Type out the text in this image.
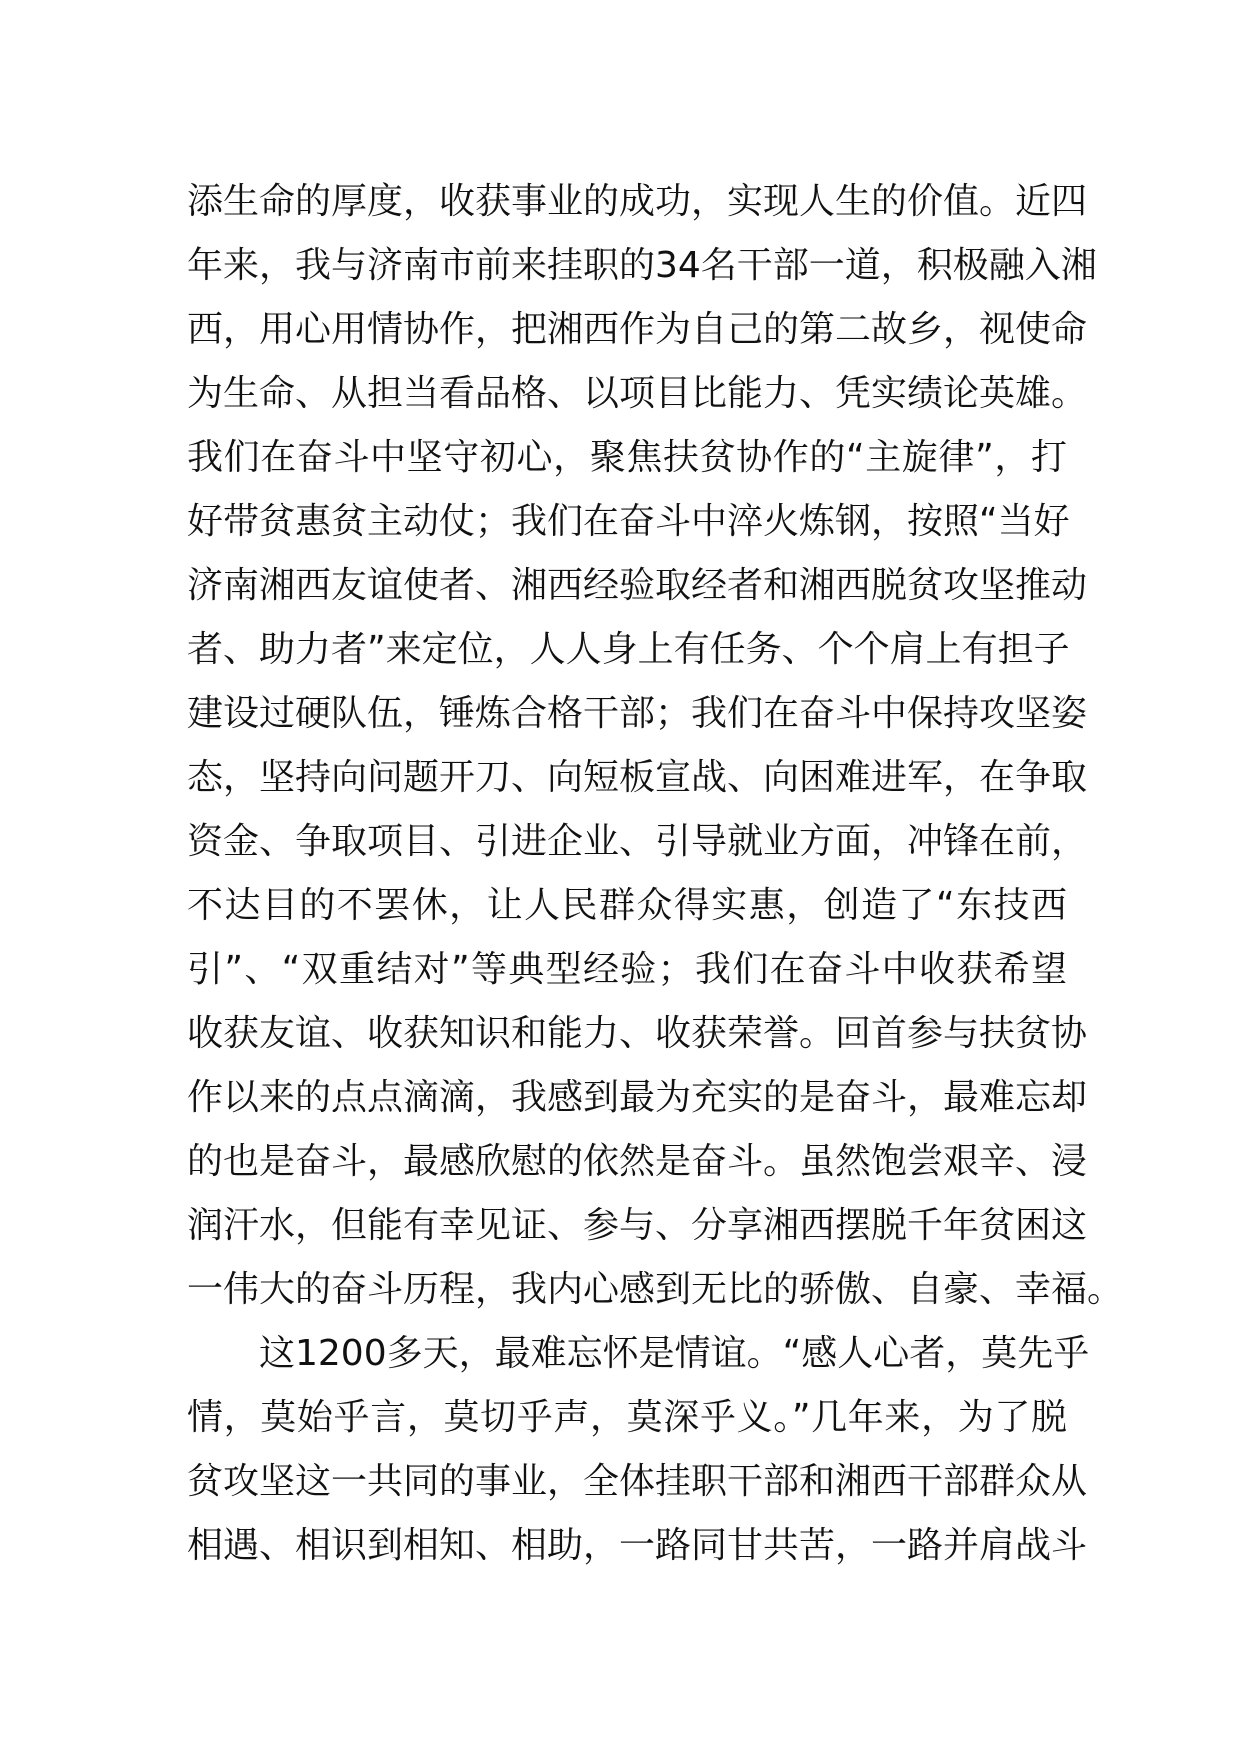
添生命的厚度，收获事业的成功，实现人生的价值。近四
年来，我与济南市前来挂职的34名干部一道，积极融入湘
西，用心用情协作，把湘西作为自己的第二故乡，视使命
为生命、从担当看品格、以项目比能力、凭实绩论英雄。
我们在奋斗中坚守初心，聚焦扶贫协作的“主旋律”，打
好带贫惠贫主动仗；我们在奋斗中淬火炼钢，按照“当好
济南湘西友谊使者、湘西经验取经者和湘西脱贫攻坚推动
者、助力者”来定位，人人身上有任务、个个肩上有担子
建设过硬队伍，锤炼合格干部；我们在奋斗中保持攻坚姿
态，坚持向问题开刀、向短板宣战、向困难进军，在争取
资金、争取项目、引进企业、引导就业方面，冲锋在前，
不达目的不罢休，让人民群众得实惠，创造了“东技西
引”、“双重结对”等典型经验；我们在奋斗中收获希望
收获友谊、收获知识和能力、收获荣誉。回首参与扶贫协
作以来的点点滴滴，我感到最为充实的是奋斗，最难忘却
的也是奋斗，最感欣慰的依然是奋斗。虽然饱尝艰辛、浸
润汗水，但能有幸见证、参与、分享湘西摆脱千年贫困这
一伟大的奋斗历程，我内心感到无比的骄傲、自豪、幸福。
这1200多天，最难忘怀是情谊。“感人心者，莫先乎
情，莫始乎言，莫切乎声，莫深乎义。”几年来，为了脱
贫攻坚这一共同的事业，全体挂职干部和湘西干部群众从
相遇、相识到相知、相助，一路同甘共苦，一路并肩战斗
